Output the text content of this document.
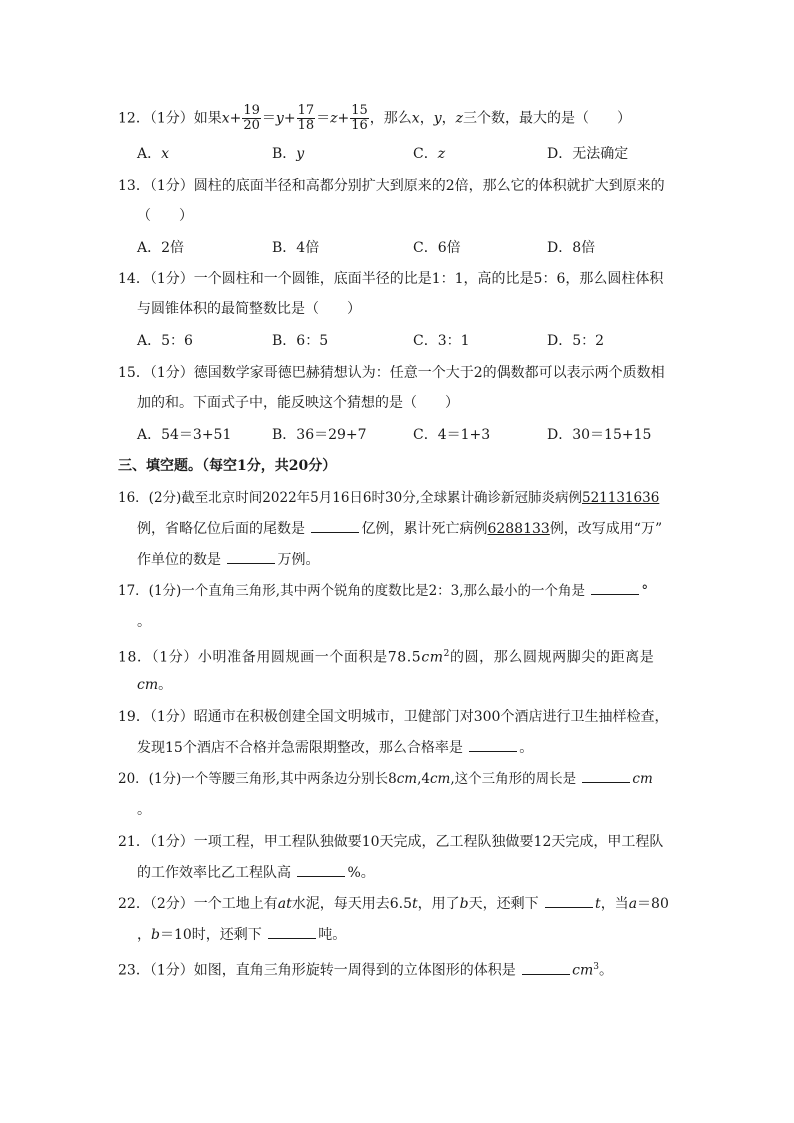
12．（1分）如果$x+ \frac{19}{20} =y+ \frac{17}{18} =z+ \frac{15}{16}$ ，那么x，y，z三个数，最大的是（　　）
A．x	B．y	C．z	D．无法确定
13．（1分）圆柱的底面半径和高都分别扩大到原来的2倍，那么它的体积就扩大到原来的
（　　）
A．2倍	B．4倍	C．6倍	D．8倍
14．（1分）一个圆柱和一个圆锥，底面半径的比是1：1，高的比是5：6，那么圆柱体积
与圆锥体积的最简整数比是（　　）
A．5：6	B．6：5	C．3：1	D．5：2
15．（1分）德国数学家哥德巴赫猜想认为：任意一个大于2的偶数都可以表示两个质数相
加的和。下面式子中，能反映这个猜想的是（　　）
A．54＝3+51	B．36＝29+7	C．4＝1+3	D．30＝15+15
三、填空题。（每空1分，共20分）
16．(2分)截至北京时间2022年5月16日6时30分,全球累计确诊新冠肺炎病例521131636
例，省略亿位后面的尾数是	亿例，累计死亡病例6288133例，改写成用“万”
作单位的数是	万例。
17．(1分)一个直角三角形,其中两个锐角的度数比是2：3,那么最小的一个角是	°
。
18．（1分）小明准备用圆规画一个面积是$78.5cm^2$的圆，那么圆规两脚尖的距离是
cm。
19．（1分）昭通市在积极创建全国文明城市，卫健部门对300个酒店进行卫生抽样检查，
发现15个酒店不合格并急需限期整改，那么合格率是	。
20．(1分)一个等腰三角形,其中两条边分别长8cm,4cm,这个三角形的周长是	cm
。
21．（1分）一项工程，甲工程队独做要10天完成，乙工程队独做要12天完成，甲工程队
的工作效率比乙工程队高	%。
22．（2分）一个工地上有at水泥，每天用去6.5t，用了b天，还剩下	t，当a＝80
，b＝10时，还剩下	吨。
23．（1分）如图，直角三角形旋转一周得到的立体图形的体积是	$cm^3$。
